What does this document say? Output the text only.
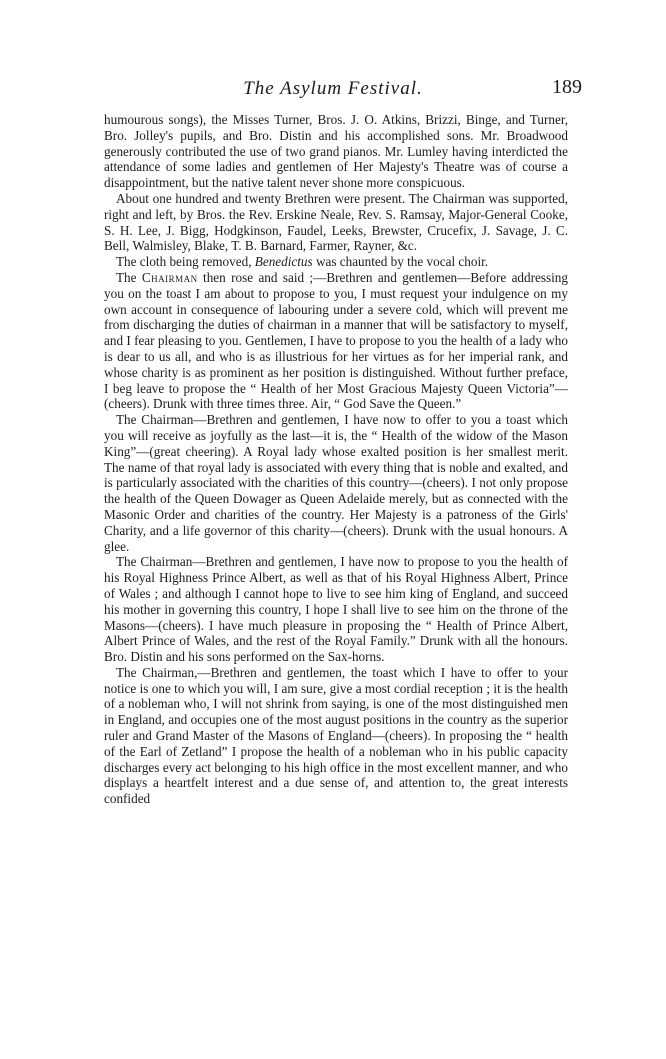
The Asylum Festival.	189

humourous songs), the Misses Turner, Bros. J. O. Atkins, Brizzi, Binge, and Turner, Bro. Jolley's pupils, and Bro. Distin and his accomplished sons. Mr. Broadwood generously contributed the use of two grand pianos. Mr. Lumley having interdicted the attendance of some ladies and gentlemen of Her Majesty's Theatre was of course a disappointment, but the native talent never shone more conspicuous.

About one hundred and twenty Brethren were present. The Chairman was supported, right and left, by Bros. the Rev. Erskine Neale, Rev. S. Ramsay, Major-General Cooke, S. H. Lee, J. Bigg, Hodgkinson, Faudel, Leeks, Brewster, Crucefix, J. Savage, J. C. Bell, Walmisley, Blake, T. B. Barnard, Farmer, Rayner, &c.

The cloth being removed, Benedictus was chaunted by the vocal choir.

The Chairman then rose and said ;—Brethren and gentlemen—Before addressing you on the toast I am about to propose to you, I must request your indulgence on my own account in consequence of labouring under a severe cold, which will prevent me from discharging the duties of chairman in a manner that will be satisfactory to myself, and I fear pleasing to you. Gentlemen, I have to propose to you the health of a lady who is dear to us all, and who is as illustrious for her virtues as for her imperial rank, and whose charity is as prominent as her position is distinguished. Without further preface, I beg leave to propose the “ Health of her Most Gracious Majesty Queen Victoria”—(cheers). Drunk with three times three. Air, “ God Save the Queen.”

The Chairman—Brethren and gentlemen, I have now to offer to you a toast which you will receive as joyfully as the last—it is, the “ Health of the widow of the Mason King”—(great cheering). A Royal lady whose exalted position is her smallest merit. The name of that royal lady is associated with every thing that is noble and exalted, and is particularly associated with the charities of this country—(cheers). I not only propose the health of the Queen Dowager as Queen Adelaide merely, but as connected with the Masonic Order and charities of the country. Her Majesty is a patroness of the Girls' Charity, and a life governor of this charity—(cheers). Drunk with the usual honours. A glee.

The Chairman—Brethren and gentlemen, I have now to propose to you the health of his Royal Highness Prince Albert, as well as that of his Royal Highness Albert, Prince of Wales ; and although I cannot hope to live to see him king of England, and succeed his mother in governing this country, I hope I shall live to see him on the throne of the Masons—(cheers). I have much pleasure in proposing the “ Health of Prince Albert, Albert Prince of Wales, and the rest of the Royal Family.” Drunk with all the honours. Bro. Distin and his sons performed on the Sax-horns.

The Chairman,—Brethren and gentlemen, the toast which I have to offer to your notice is one to which you will, I am sure, give a most cordial reception ; it is the health of a nobleman who, I will not shrink from saying, is one of the most distinguished men in England, and occupies one of the most august positions in the country as the superior ruler and Grand Master of the Masons of England—(cheers). In proposing the “ health of the Earl of Zetland” I propose the health of a nobleman who in his public capacity discharges every act belonging to his high office in the most excellent manner, and who displays a heartfelt interest and a due sense of, and attention to, the great interests confided
